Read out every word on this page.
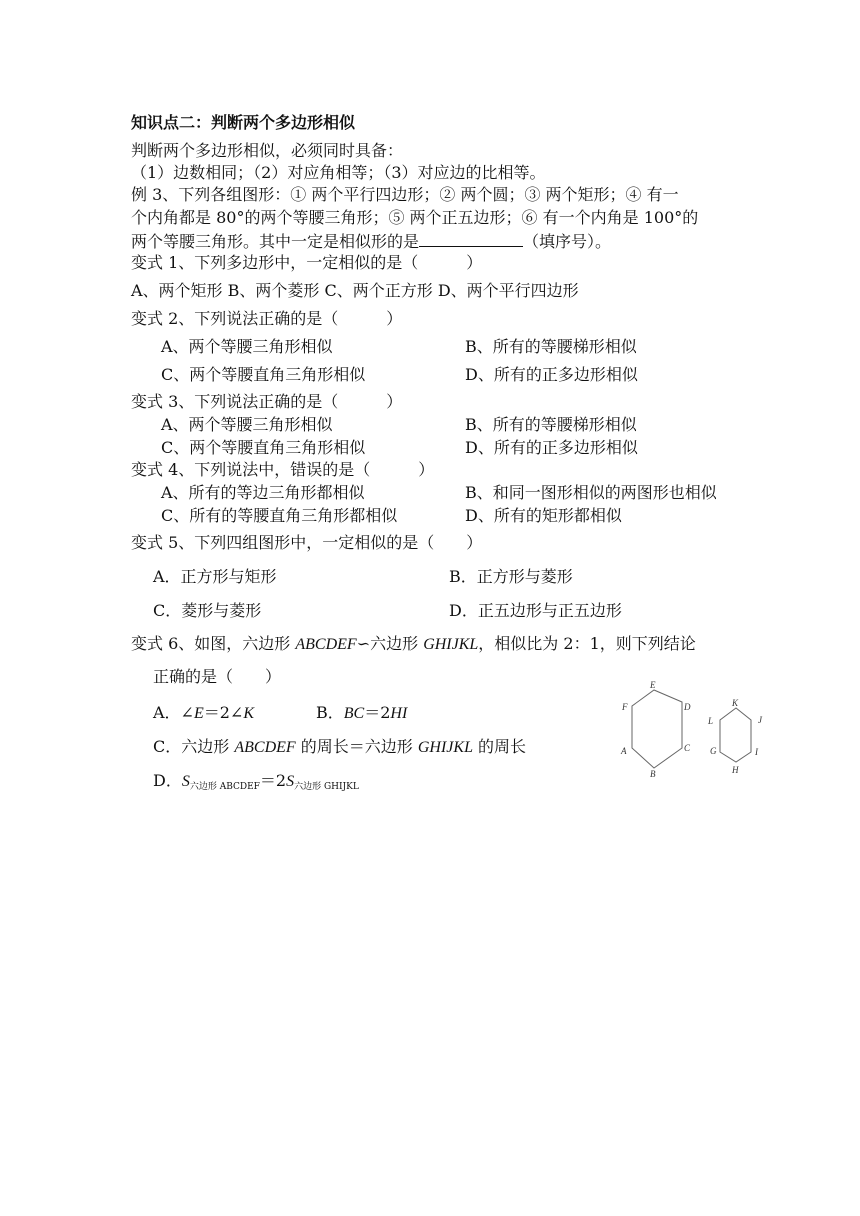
知识点二：判断两个多边形相似
判断两个多边形相似，必须同时具备：
（1）边数相同；（2）对应角相等；（3）对应边的比相等。
例 3、下列各组图形：① 两个平行四边形；② 两个圆；③ 两个矩形；④ 有一
个内角都是 80°的两个等腰三角形；⑤ 两个正五边形；⑥ 有一个内角是 100°的
两个等腰三角形。其中一定是相似形的是	（填序号）。
变式 1、下列多边形中，一定相似的是（　　　）
A、两个矩形 B、两个菱形 C、两个正方形 D、两个平行四边形
变式 2、下列说法正确的是（　　　）
A、两个等腰三角形相似	B、所有的等腰梯形相似
C、两个等腰直角三角形相似	D、所有的正多边形相似
变式 3、下列说法正确的是（　　　）
A、两个等腰三角形相似	B、所有的等腰梯形相似
C、两个等腰直角三角形相似	D、所有的正多边形相似
变式 4、下列说法中，错误的是（　　　）
A、所有的等边三角形都相似	B、和同一图形相似的两图形也相似
C、所有的等腰直角三角形都相似	D、所有的矩形都相似
变式 5、下列四组图形中，一定相似的是（　　）
A．正方形与矩形	B．正方形与菱形
C．菱形与菱形	D．正五边形与正五边形
变式 6、如图，六边形 ABCDEF∽六边形 GHIJKL，相似比为 2：1，则下列结论
正确的是（　　）
A．∠E＝2∠K	B．BC＝2HI
C．六边形 ABCDEF 的周长＝六边形 GHIJKL 的周长
D．S六边形 ABCDEF＝2S六边形 GHIJKL
A
B
C
D
E
F
G
H
I
J
K
L
